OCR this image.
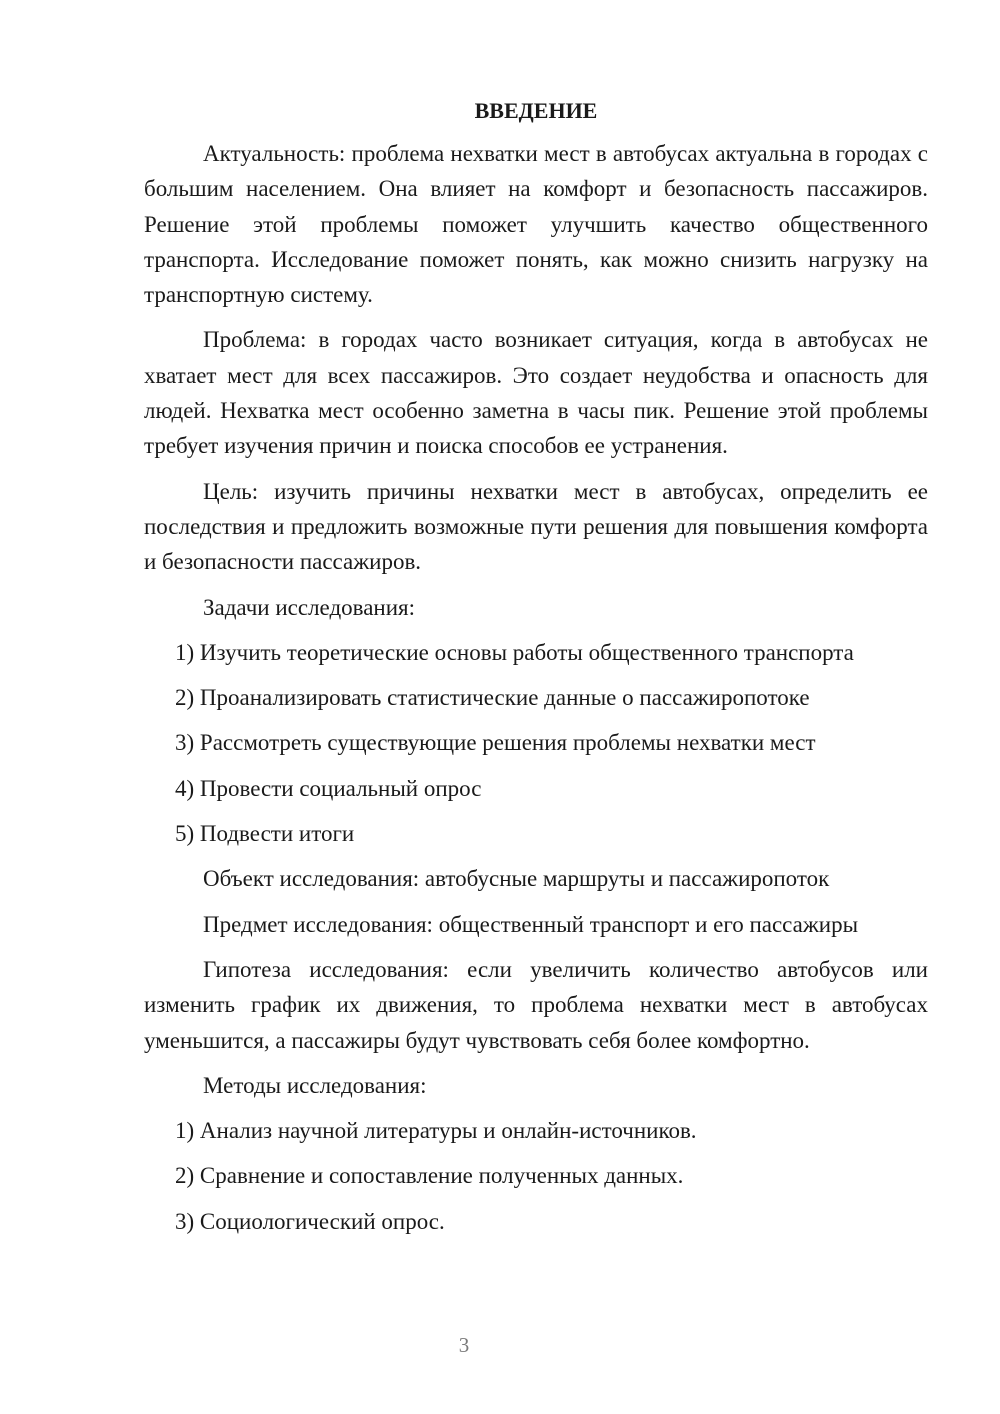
ВВЕДЕНИЕ

Актуальность: проблема нехватки мест в автобусах актуальна в городах с большим населением. Она влияет на комфорт и безопасность пассажиров. Решение этой проблемы поможет улучшить качество общественного транспорта. Исследование поможет понять, как можно снизить нагрузку на транспортную систему.

Проблема: в городах часто возникает ситуация, когда в автобусах не хватает мест для всех пассажиров. Это создает неудобства и опасность для людей. Нехватка мест особенно заметна в часы пик. Решение этой проблемы требует изучения причин и поиска способов ее устранения.

Цель: изучить причины нехватки мест в автобусах, определить ее последствия и предложить возможные пути решения для повышения комфорта и безопасности пассажиров.

Задачи исследования:

1) Изучить теоретические основы работы общественного транспорта
2) Проанализировать статистические данные о пассажиропотоке
3) Рассмотреть существующие решения проблемы нехватки мест
4) Провести социальный опрос
5) Подвести итоги

Объект исследования: автобусные маршруты и пассажиропоток

Предмет исследования: общественный транспорт и его пассажиры

Гипотеза исследования: если увеличить количество автобусов или изменить график их движения, то проблема нехватки мест в автобусах уменьшится, а пассажиры будут чувствовать себя более комфортно.

Методы исследования:

1) Анализ научной литературы и онлайн-источников.
2) Сравнение и сопоставление полученных данных.
3) Социологический опрос.
3
